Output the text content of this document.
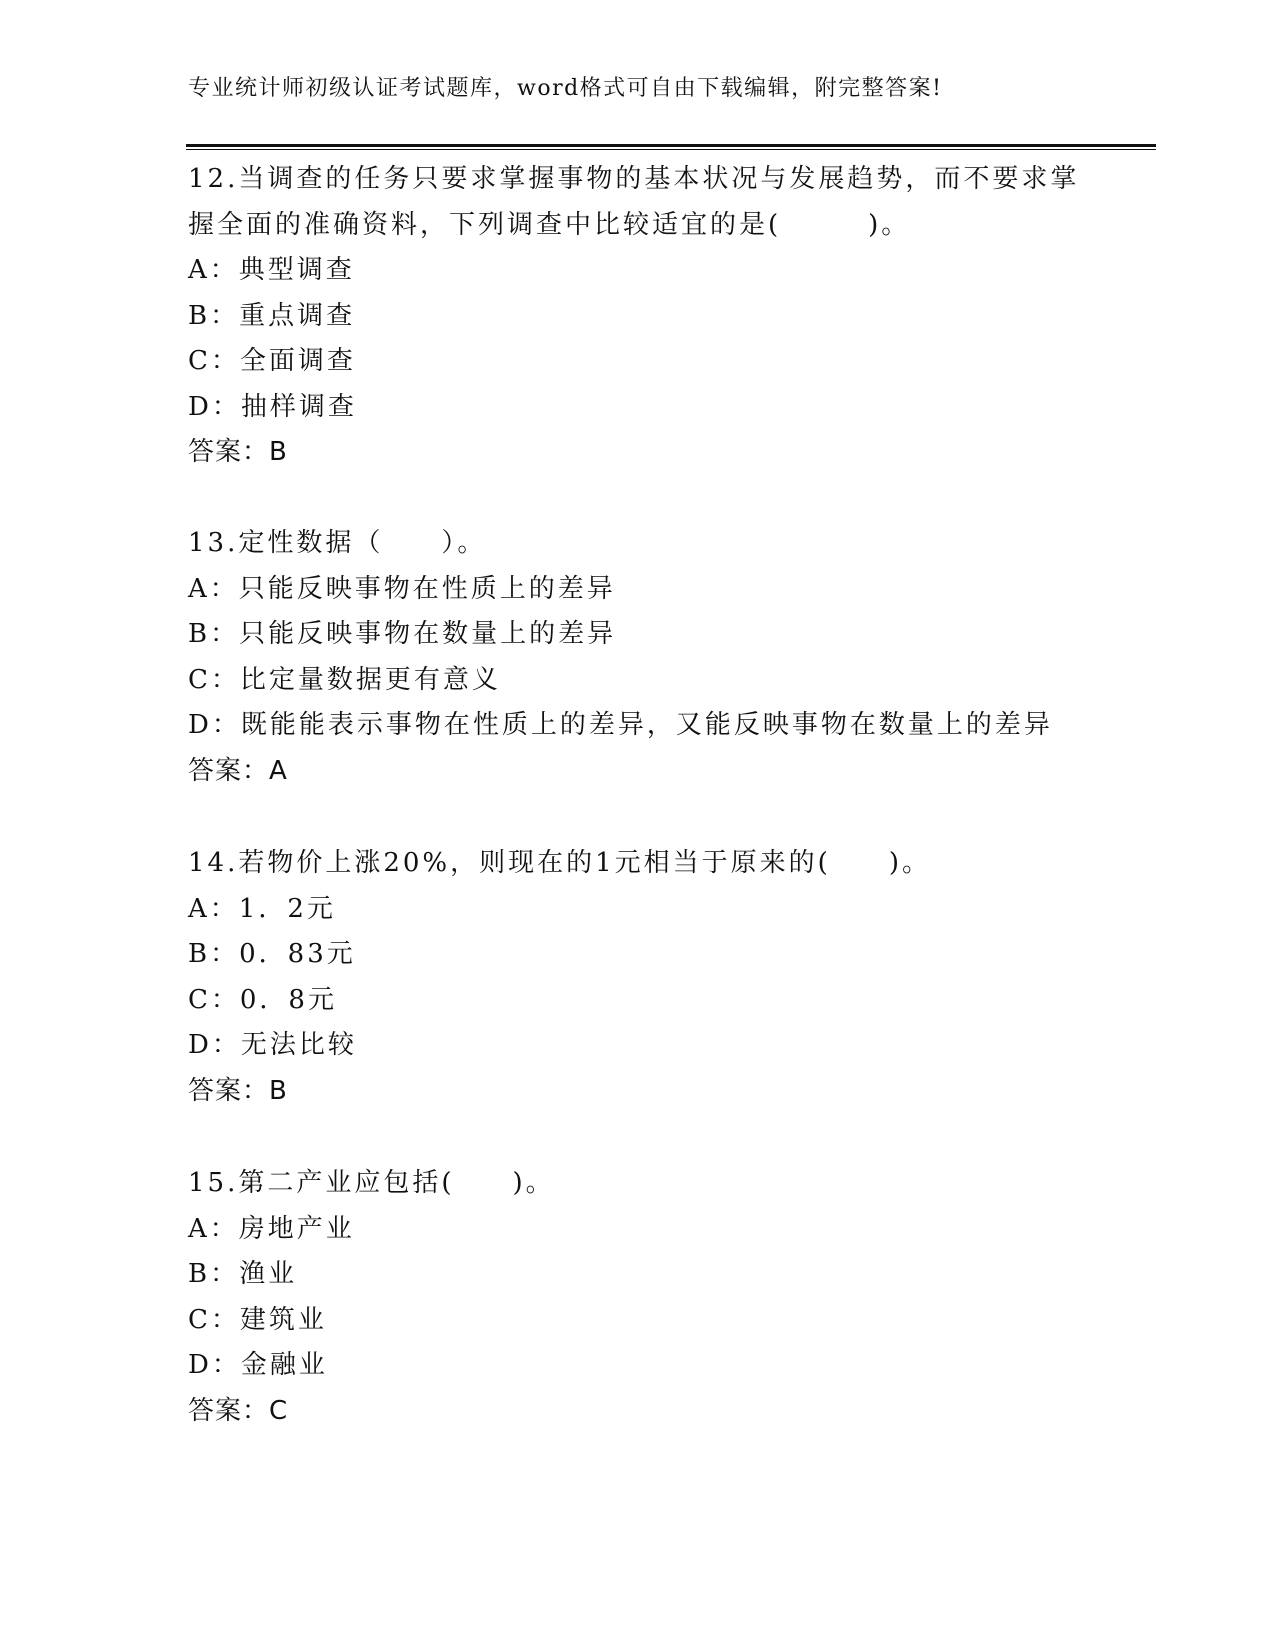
专业统计师初级认证考试题库，word格式可自由下载编辑，附完整答案!
12.当调查的任务只要求掌握事物的基本状况与发展趋势，而不要求掌
握全面的准确资料，下列调查中比较适宜的是(　　　)。
A：典型调查
B：重点调查
C：全面调查
D：抽样调查
答案：B
13.定性数据（　　）。
A：只能反映事物在性质上的差异
B：只能反映事物在数量上的差异
C：比定量数据更有意义
D：既能能表示事物在性质上的差异，又能反映事物在数量上的差异
答案：A
14.若物价上涨20%，则现在的1元相当于原来的(　　)。
A：1．2元
B：0．83元
C：0．8元
D：无法比较
答案：B
15.第二产业应包括(　　)。
A：房地产业
B：渔业
C：建筑业
D：金融业
答案：C
